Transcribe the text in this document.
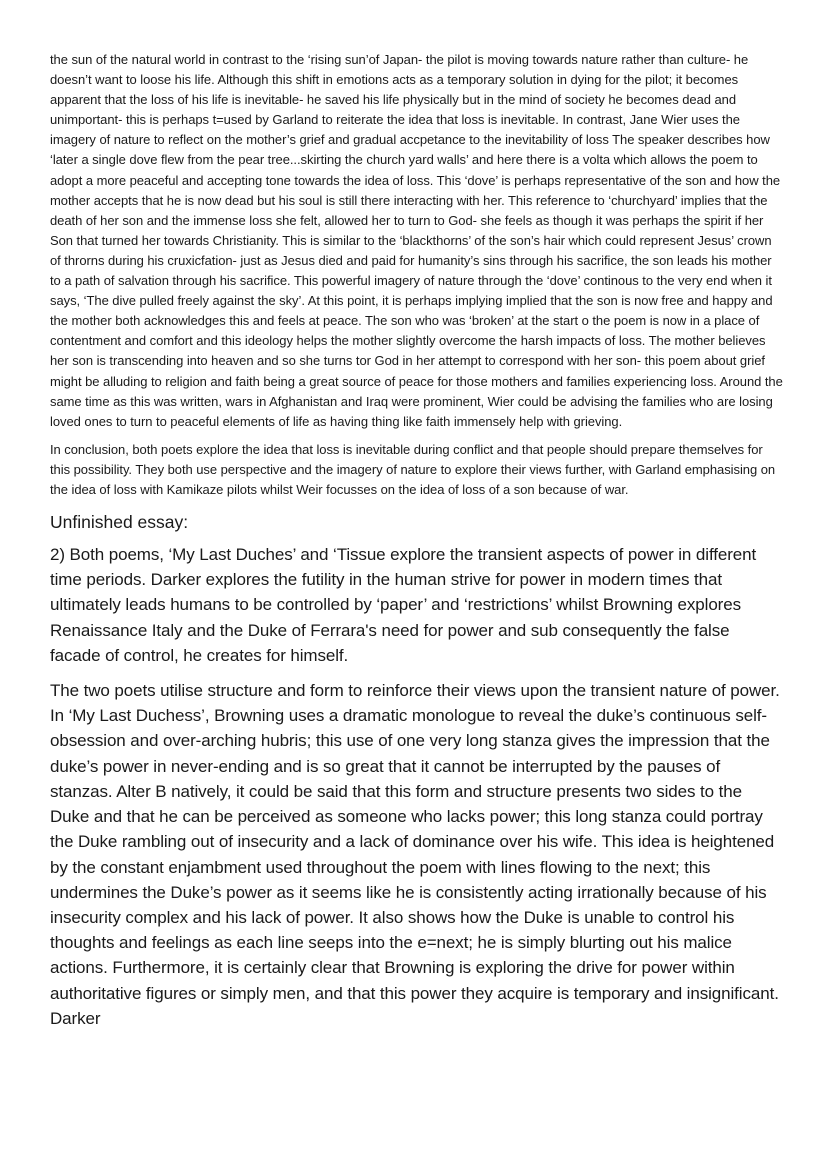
the sun of the natural world in contrast to the ‘rising sun’of Japan- the pilot is moving towards nature rather than culture- he doesn’t want to loose his life. Although this shift in emotions acts as a temporary solution in dying for the pilot; it becomes apparent that the loss of his life is inevitable- he saved his life physically but in the mind of society he becomes dead and unimportant- this is perhaps t=used by Garland to reiterate the idea that loss is inevitable. In contrast, Jane Wier uses the imagery of nature to reflect on the mother’s grief and gradual accpetance to the inevitability of loss The speaker describes how ‘later a single dove flew from the pear tree...skirting the church yard walls’ and here there is a volta which allows the poem to adopt a more peaceful and accepting tone towards the idea of loss. This ‘dove’ is perhaps representative of the son and how the mother accepts that he is now dead but his soul is still there interacting with her. This reference to ‘churchyard’ implies that the death of her son and the immense loss she felt, allowed her to turn to God- she feels as though it was perhaps the spirit if her Son that turned her towards Christianity. This is similar to the ‘blackthorns’ of the son’s hair which could represent Jesus’ crown of throrns during his cruxicfation- just as Jesus died and paid for humanity’s sins through his sacrifice, the son leads his mother to a path of salvation through his sacrifice. This powerful imagery of nature through the ‘dove’ continous to the very end when it says, ‘The dive pulled freely against the sky’. At this point, it is perhaps implying implied that the son is now free and happy and the mother both acknowledges this and feels at peace. The son who was ‘broken’ at the start o the poem is now in a place of contentment and comfort and this ideology helps the mother slightly overcome the harsh impacts of loss. The mother believes her son is transcending into heaven and so she turns tor God in her attempt to correspond with her son- this poem about grief might be alluding to religion and faith being a great source of peace for those mothers and families experiencing loss. Around the same time as this was written, wars in Afghanistan and Iraq were prominent, Wier could be advising the families who are losing loved ones to turn to peaceful elements of life as having thing like faith immensely help with grieving.

In conclusion, both poets explore the idea that loss is inevitable during conflict and that people should prepare themselves for this possibility. They both use perspective and the imagery of nature to explore their views further, with Garland emphasising on the idea of loss with Kamikaze pilots whilst Weir focusses on the idea of loss of a son because of war.

Unfinished essay:

2) Both poems, ‘My Last Duches’ and ‘Tissue explore the transient aspects of power in different time periods. Darker explores the futility in the human strive for power in modern times that ultimately leads humans to be controlled by ‘paper’ and ‘restrictions’ whilst Browning explores Renaissance Italy and the Duke of Ferrara's need for power and sub consequently the false facade of control, he creates for himself.

The two poets utilise structure and form to reinforce their views upon the transient nature of power. In ‘My Last Duchess’, Browning uses a dramatic monologue to reveal the duke’s continuous self-obsession and over-arching hubris; this use of one very long stanza gives the impression that the duke’s power in never-ending and is so great that it cannot be interrupted by the pauses of stanzas. Alter B natively, it could be said that this form and structure presents two sides to the Duke and that he can be perceived as someone who lacks power; this long stanza could portray the Duke rambling out of insecurity and a lack of dominance over his wife. This idea is heightened by the constant enjambment used throughout the poem with lines flowing to the next; this undermines the Duke’s power as it seems like he is consistently acting irrationally because of his insecurity complex and his lack of power. It also shows how the Duke is unable to control his thoughts and feelings as each line seeps into the e=next; he is simply blurting out his malice actions. Furthermore, it is certainly clear that Browning is exploring the drive for power within authoritative figures or simply men, and that this power they acquire is temporary and insignificant. Darker
